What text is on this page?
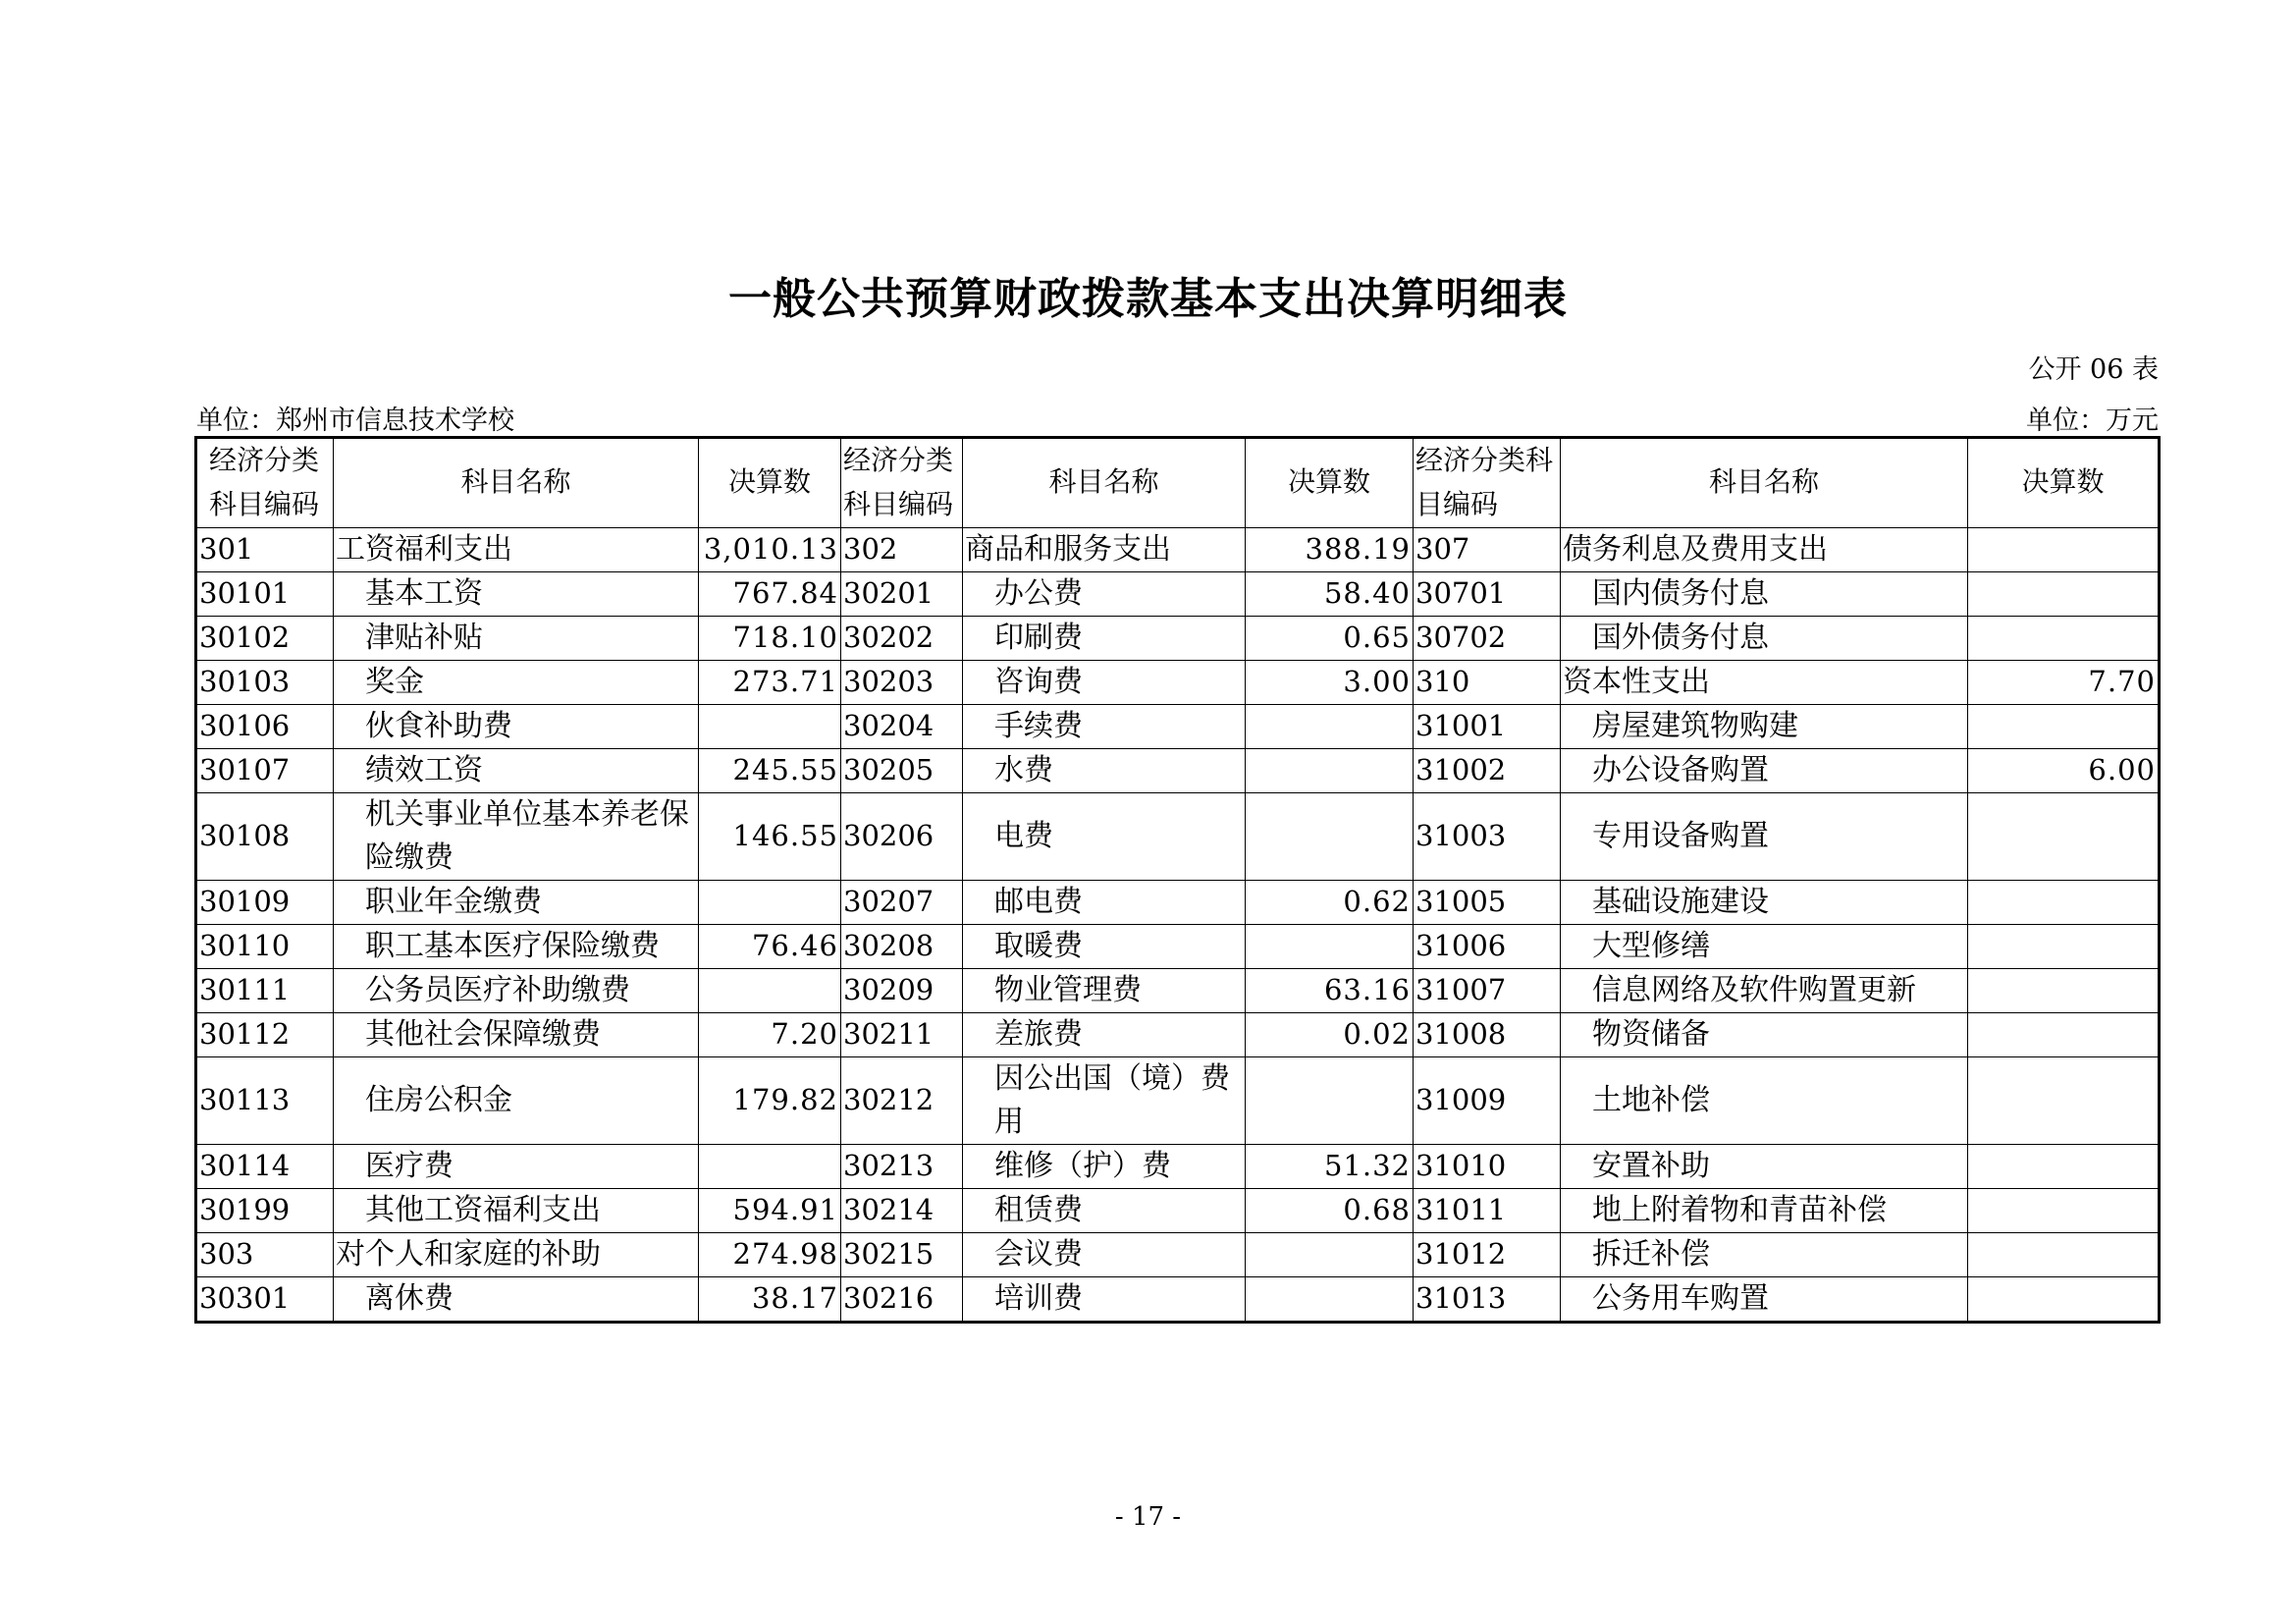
一般公共预算财政拨款基本支出决算明细表
公开 06 表
单位：郑州市信息技术学校	单位：万元
经济分类科目编码	科目名称	决算数	经济分类科目编码	科目名称	决算数	经济分类科目编码	科目名称	决算数
301	工资福利支出	3,010.13	302	商品和服务支出	388.19	307	债务利息及费用支出	
30101	基本工资	767.84	30201	办公费	58.40	30701	国内债务付息	
30102	津贴补贴	718.10	30202	印刷费	0.65	30702	国外债务付息	
30103	奖金	273.71	30203	咨询费	3.00	310	资本性支出	7.70
30106	伙食补助费		30204	手续费		31001	房屋建筑物购建	
30107	绩效工资	245.55	30205	水费		31002	办公设备购置	6.00
30108	机关事业单位基本养老保险缴费	146.55	30206	电费		31003	专用设备购置	
30109	职业年金缴费		30207	邮电费	0.62	31005	基础设施建设	
30110	职工基本医疗保险缴费	76.46	30208	取暖费		31006	大型修缮	
30111	公务员医疗补助缴费		30209	物业管理费	63.16	31007	信息网络及软件购置更新	
30112	其他社会保障缴费	7.20	30211	差旅费	0.02	31008	物资储备	
30113	住房公积金	179.82	30212	因公出国（境）费用		31009	土地补偿	
30114	医疗费		30213	维修（护）费	51.32	31010	安置补助	
30199	其他工资福利支出	594.91	30214	租赁费	0.68	31011	地上附着物和青苗补偿	
303	对个人和家庭的补助	274.98	30215	会议费		31012	拆迁补偿	
30301	离休费	38.17	30216	培训费		31013	公务用车购置	
- 17 -
